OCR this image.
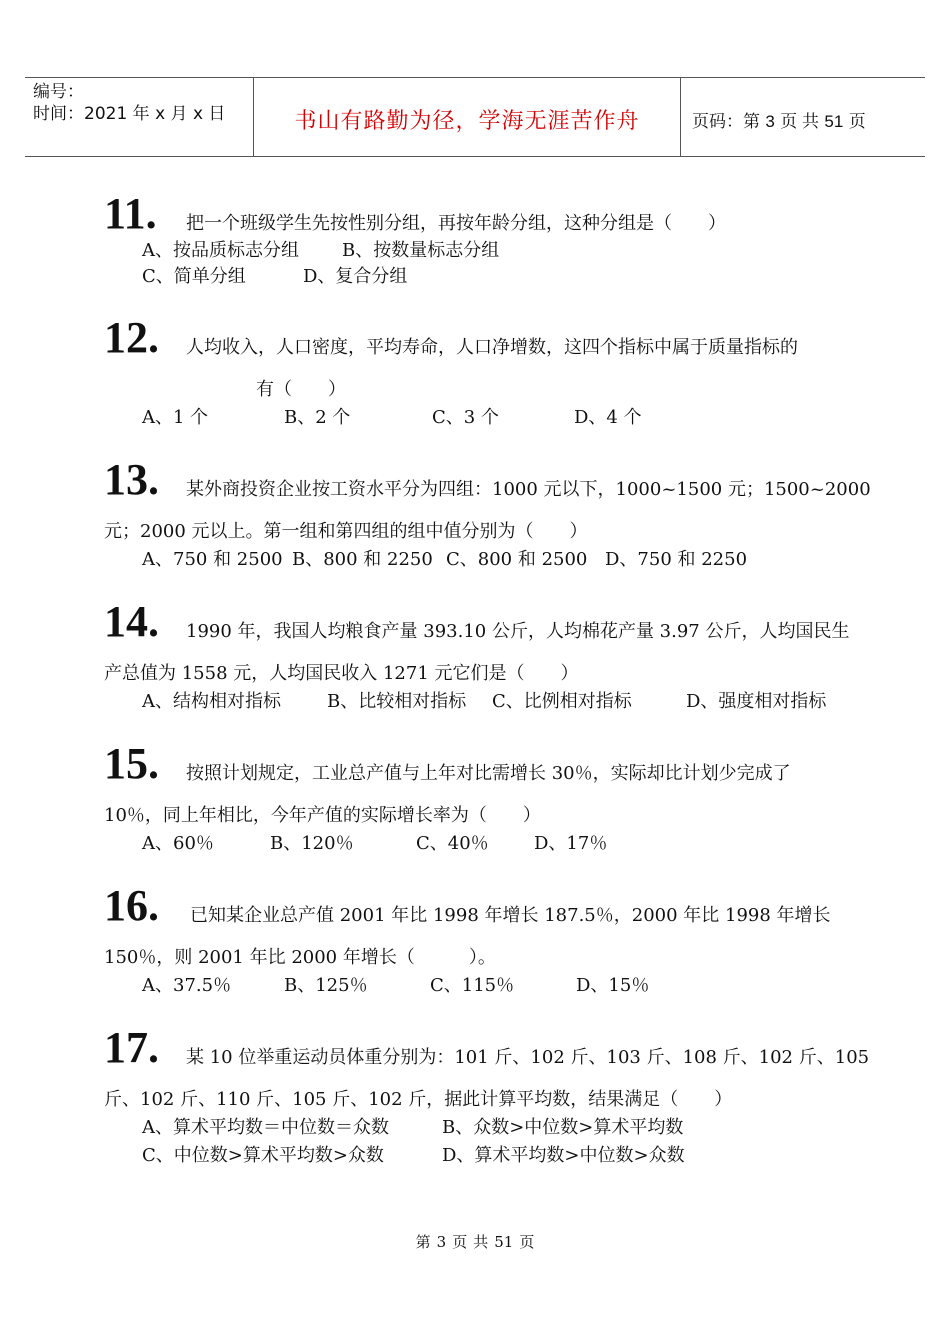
编号：
时间：2021 年 x 月 x 日	书山有路勤为径，学海无涯苦作舟	页码：第 3 页 共 51 页
11. 把一个班级学生先按性别分组，再按年龄分组，这种分组是（　　）
A、按品质标志分组 B、按数量标志分组
C、简单分组	D、复合分组
12. 人均收入，人口密度，平均寿命，人口净增数，这四个指标中属于质量指标的
有（　　）
A、1 个	B、2 个	C、3 个	D、4 个
13. 某外商投资企业按工资水平分为四组：1000 元以下，1000~1500 元；1500~2000
元；2000 元以上。第一组和第四组的组中值分别为（　　）
A、750 和 2500 B、800 和 2250 C、800 和 2500 D、750 和 2250
14. 1990 年，我国人均粮食产量 393.10 公斤，人均棉花产量 3.97 公斤，人均国民生
产总值为 1558 元，人均国民收入 1271 元它们是（　　）
A、结构相对指标	B、比较相对指标 C、比例相对指标	D、强度相对指标
15. 按照计划规定，工业总产值与上年对比需增长 30％，实际却比计划少完成了
10％，同上年相比，今年产值的实际增长率为（　　）
A、60％	B、120％	C、40％	D、17％
16. 已知某企业总产值 2001 年比 1998 年增长 187.5％，2000 年比 1998 年增长
150％，则 2001 年比 2000 年增长（　　　）。
A、37.5％	B、125％	C、115％	D、15％
17. 某 10 位举重运动员体重分别为：101 斤、102 斤、103 斤、108 斤、102 斤、105
斤、102 斤、110 斤、105 斤、102 斤，据此计算平均数，结果满足（　　）
A、算术平均数＝中位数＝众数	B、众数>中位数>算术平均数
C、中位数>算术平均数>众数	D、算术平均数>中位数>众数
第 3 页 共 51 页
